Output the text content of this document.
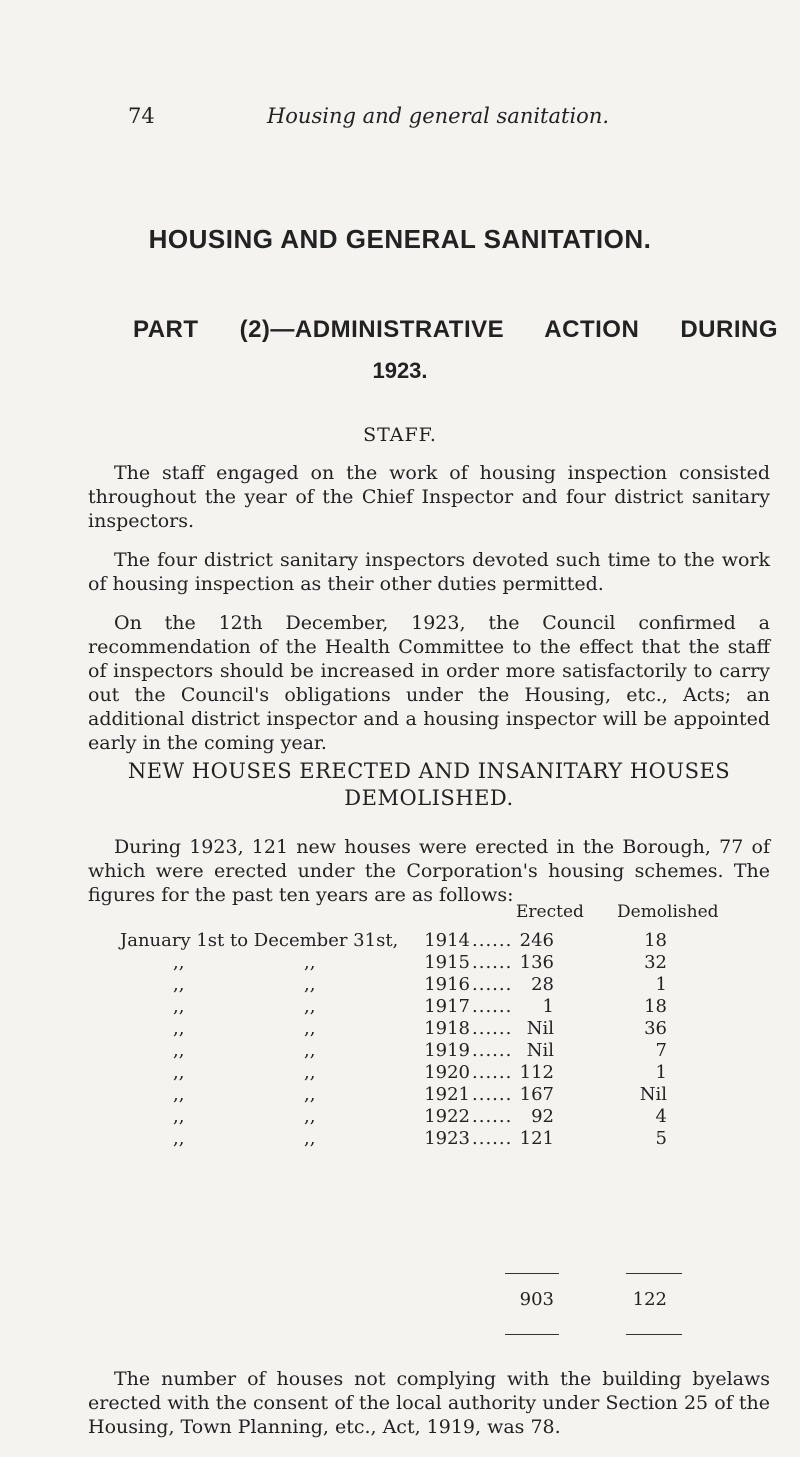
74	Housing and general sanitation.
HOUSING AND GENERAL SANITATION.
PART (2)—ADMINISTRATIVE ACTION DURING
1923.
STAFF.

The staff engaged on the work of housing inspection consisted throughout the year of the Chief Inspector and four district sanitary inspectors.

The four district sanitary inspectors devoted such time to the work of housing inspection as their other duties permitted.

On the 12th December, 1923, the Council confirmed a recommendation of the Health Committee to the effect that the staff of inspectors should be increased in order more satisfactorily to carry out the Council's obligations under the Housing, etc., Acts; an additional district inspector and a housing inspector will be appointed early in the coming year.

NEW HOUSES ERECTED AND INSANITARY HOUSES DEMOLISHED.

During 1923, 121 new houses were erected in the Borough, 77 of which were erected under the Corporation's housing schemes. The figures for the past ten years are as follows:

Erected Demolished
January 1st to December 31st,	1914 ...... 246	18
,,	,,	1915 ...... 136	32
,,	,,	1916 ......	28	1
,,	,,	1917 ......	1	18
,,	,,	1918 ...... Nil	36
,,	,,	1919 ...... Nil	7
,,	,,	1920 ...... 112	1
,,	,,	1921 ...... 167	Nil
,,	,,	1922 ......	92	4
,,	,,	1923 ...... 121	5
903	122

The number of houses not complying with the building byelaws erected with the consent of the local authority under Section 25 of the Housing, Town Planning, etc., Act, 1919, was 78.
